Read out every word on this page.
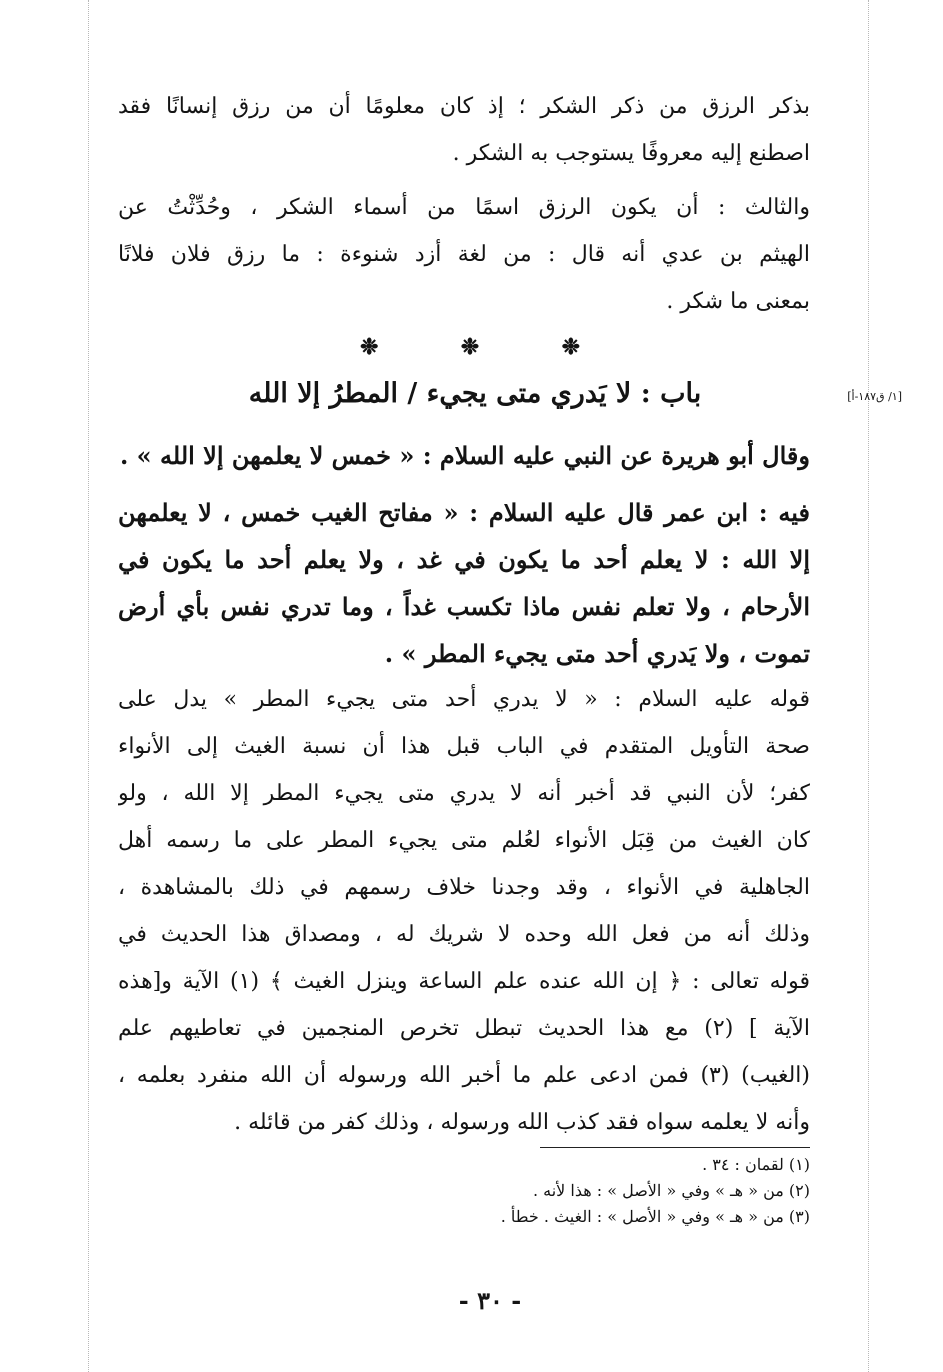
بذكر الرزق من ذكر الشكر ؛ إذ كان معلومًا أن من رزق إنسانًا فقد
اصطنع إليه معروفًا يستوجب به الشكر .
والثالث : أن يكون الرزق اسمًا من أسماء الشكر ، وحُدِّثْتُ عن
الهيثم بن عدي أنه قال : من لغة أزد شنوءة : ما رزق فلان فلانًا
بمعنى ما شكر .
❉	❉	❉
باب : لا يَدري متى يجيء / المطرُ إلا الله	[١/ ق١٨٧-أ]
وقال أبو هريرة عن النبي عليه السلام : « خمس لا يعلمهن إلا الله » .
فيه : ابن عمر قال عليه السلام : « مفاتح الغيب خمس ، لا يعلمهن
إلا الله : لا يعلم أحد ما يكون في غد ، ولا يعلم أحد ما يكون في
الأرحام ، ولا تعلم نفس ماذا تكسب غداً ، وما تدري نفس بأي أرض
تموت ، ولا يَدري أحد متى يجيء المطر » .
قوله عليه السلام : « لا يدري أحد متى يجيء المطر » يدل على
صحة التأويل المتقدم في الباب قبل هذا أن نسبة الغيث إلى الأنواء
كفر؛ لأن النبي قد أخبر أنه لا يدري متى يجيء المطر إلا الله ، ولو
كان الغيث من قِبَل الأنواء لعُلم متى يجيء المطر على ما رسمه أهل
الجاهلية في الأنواء ، وقد وجدنا خلاف رسمهم في ذلك بالمشاهدة ،
وذلك أنه من فعل الله وحده لا شريك له ، ومصداق هذا الحديث في
قوله تعالى : ﴿ إن الله عنده علم الساعة وينزل الغيث ﴾ (١) الآية و[هذه
الآية ] (٢) مع هذا الحديث تبطل تخرص المنجمين في تعاطيهم علم
(الغيب) (٣) فمن ادعى علم ما أخبر الله ورسوله أن الله منفرد بعلمه ،
وأنه لا يعلمه سواه فقد كذب الله ورسوله ، وذلك كفر من قائله .
(١) لقمان : ٣٤ .
(٢) من « هـ » وفي « الأصل » : هذا لأنه .
(٣) من « هـ » وفي « الأصل » : الغيث . خطأ .
- ٣٠ -
